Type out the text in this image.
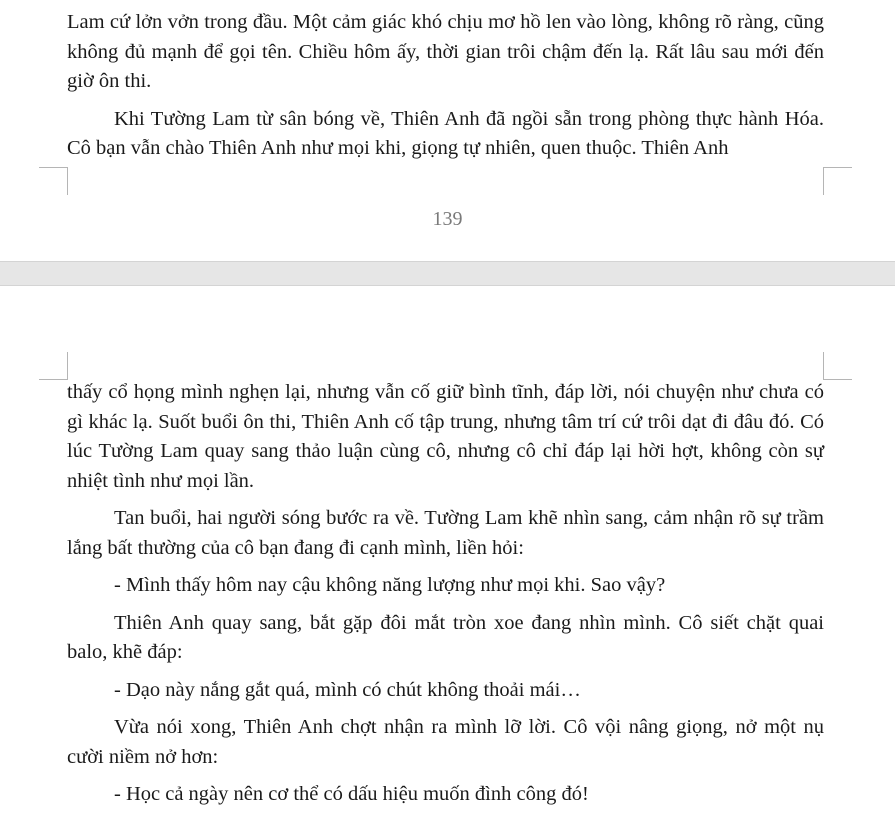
Lam cứ lởn vởn trong đầu. Một cảm giác khó chịu mơ hồ len vào lòng, không rõ ràng, cũng không đủ mạnh để gọi tên. Chiều hôm ấy, thời gian trôi chậm đến lạ. Rất lâu sau mới đến giờ ôn thi.

Khi Tường Lam từ sân bóng về, Thiên Anh đã ngồi sẵn trong phòng thực hành Hóa. Cô bạn vẫn chào Thiên Anh như mọi khi, giọng tự nhiên, quen thuộc. Thiên Anh

139

thấy cổ họng mình nghẹn lại, nhưng vẫn cố giữ bình tĩnh, đáp lời, nói chuyện như chưa có gì khác lạ. Suốt buổi ôn thi, Thiên Anh cố tập trung, nhưng tâm trí cứ trôi dạt đi đâu đó. Có lúc Tường Lam quay sang thảo luận cùng cô, nhưng cô chỉ đáp lại hời hợt, không còn sự nhiệt tình như mọi lần.

Tan buổi, hai người sóng bước ra về. Tường Lam khẽ nhìn sang, cảm nhận rõ sự trầm lắng bất thường của cô bạn đang đi cạnh mình, liền hỏi:

- Mình thấy hôm nay cậu không năng lượng như mọi khi. Sao vậy?

Thiên Anh quay sang, bắt gặp đôi mắt tròn xoe đang nhìn mình. Cô siết chặt quai balo, khẽ đáp:

- Dạo này nắng gắt quá, mình có chút không thoải mái…

Vừa nói xong, Thiên Anh chợt nhận ra mình lỡ lời. Cô vội nâng giọng, nở một nụ cười niềm nở hơn:

- Học cả ngày nên cơ thể có dấu hiệu muốn đình công đó!
